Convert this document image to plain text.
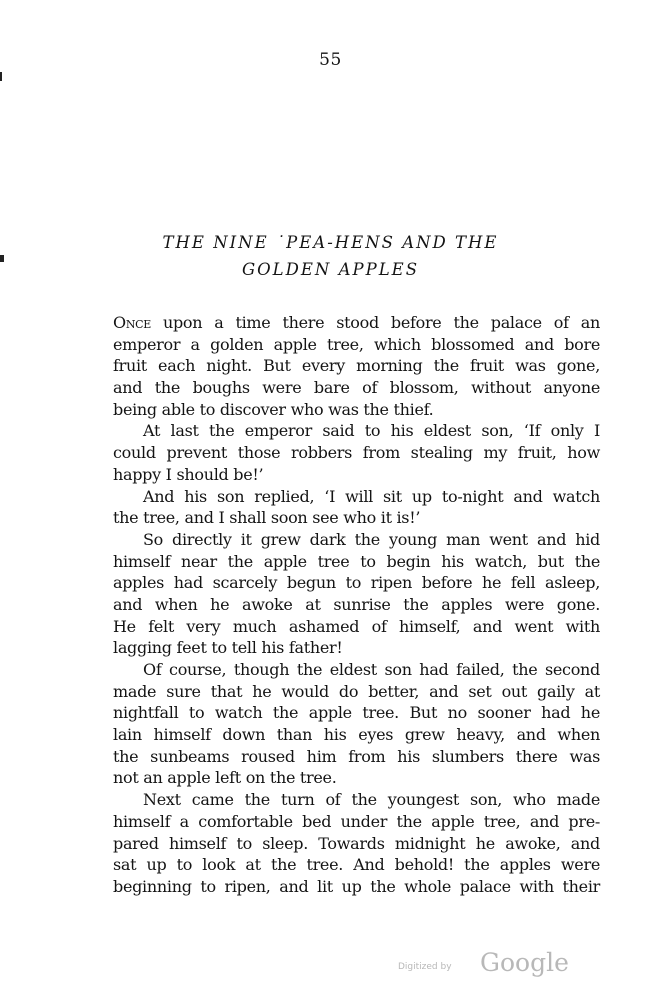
55
THE NINE ˙PEA-HENS AND THE
GOLDEN APPLES
Once upon a time there stood before the palace of an
emperor a golden apple tree, which blossomed and bore
fruit each night. But every morning the fruit was gone,
and the boughs were bare of blossom, without anyone
being able to discover who was the thief.
At last the emperor said to his eldest son, ‘If only I
could prevent those robbers from stealing my fruit, how
happy I should be!’
And his son replied, ‘I will sit up to-night and watch
the tree, and I shall soon see who it is!’
So directly it grew dark the young man went and hid
himself near the apple tree to begin his watch, but the
apples had scarcely begun to ripen before he fell asleep,
and when he awoke at sunrise the apples were gone.
He felt very much ashamed of himself, and went with
lagging feet to tell his father!
Of course, though the eldest son had failed, the second
made sure that he would do better, and set out gaily at
nightfall to watch the apple tree. But no sooner had he
lain himself down than his eyes grew heavy, and when
the sunbeams roused him from his slumbers there was
not an apple left on the tree.
Next came the turn of the youngest son, who made
himself a comfortable bed under the apple tree, and pre-
pared himself to sleep. Towards midnight he awoke, and
sat up to look at the tree. And behold! the apples were
beginning to ripen, and lit up the whole palace with their
Digitized by Google
